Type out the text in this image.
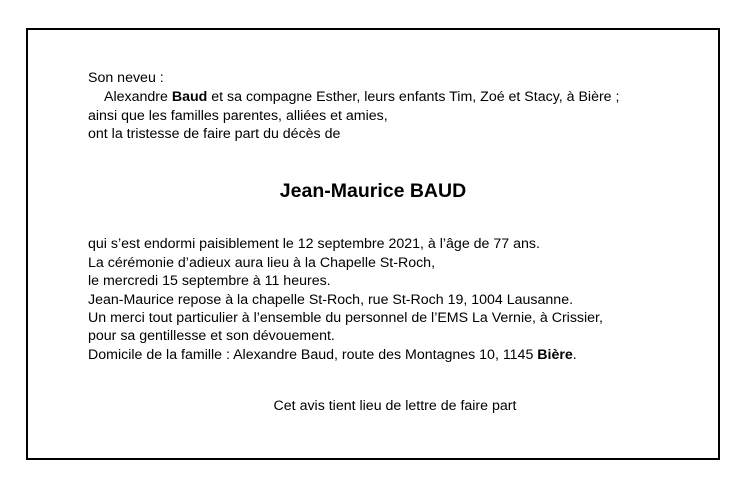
Son neveu :

Alexandre Baud et sa compagne Esther, leurs enfants Tim, Zoé et Stacy, à Bière ;

ainsi que les familles parentes, alliées et amies,

ont la tristesse de faire part du décès de

Jean-Maurice BAUD

qui s’est endormi paisiblement le 12 septembre 2021, à l’âge de 77 ans.

La cérémonie d’adieux aura lieu à la Chapelle St-Roch,

le mercredi 15 septembre à 11 heures.

Jean-Maurice repose à la chapelle St-Roch, rue St-Roch 19, 1004 Lausanne.

Un merci tout particulier à l’ensemble du personnel de l’EMS La Vernie, à Crissier,

pour sa gentillesse et son dévouement.

Domicile de la famille : Alexandre Baud, route des Montagnes 10, 1145 Bière.

Cet avis tient lieu de lettre de faire part
